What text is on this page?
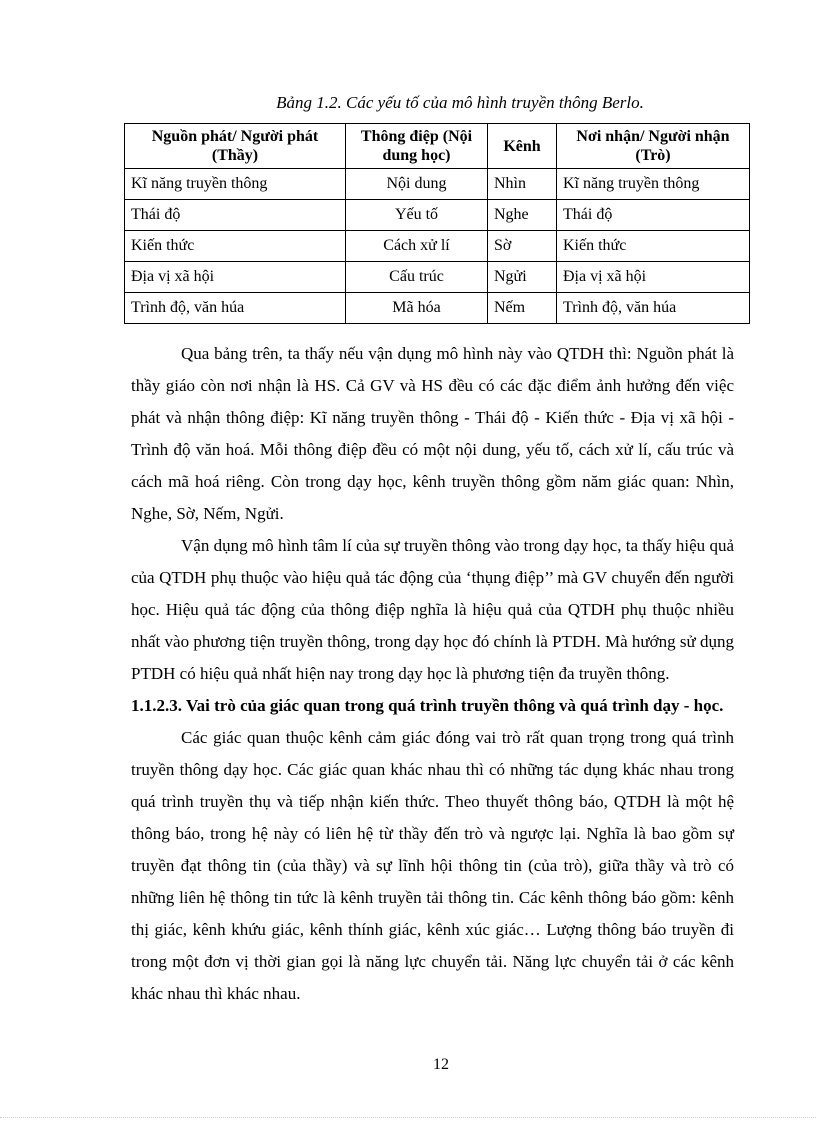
Bảng 1.2. Các yếu tố của mô hình truyền thông Berlo.
Nguồn phát/ Người phát (Thầy)	Thông điệp (Nội dung học)	Kênh	Nơi nhận/ Người nhận (Trò)
Kĩ năng truyền thông	Nội dung	Nhìn	Kĩ năng truyền thông
Thái độ	Yếu tố	Nghe	Thái độ
Kiến thức	Cách xử lí	Sờ	Kiến thức
Địa vị xã hội	Cấu trúc	Ngửi	Địa vị xã hội
Trình độ, văn húa	Mã hóa	Nếm	Trình độ, văn húa

Qua bảng trên, ta thấy nếu vận dụng mô hình này vào QTDH thì: Nguồn phát là thầy giáo còn nơi nhận là HS. Cả GV và HS đều có các đặc điểm ảnh hưởng đến việc phát và nhận thông điệp: Kĩ năng truyền thông - Thái độ - Kiến thức - Địa vị xã hội - Trình độ văn hoá. Mỗi thông điệp đều có một nội dung, yếu tố, cách xử lí, cấu trúc và cách mã hoá riêng. Còn trong dạy học, kênh truyền thông gồm năm giác quan: Nhìn, Nghe, Sờ, Nếm, Ngửi.

Vận dụng mô hình tâm lí của sự truyền thông vào trong dạy học, ta thấy hiệu quả của QTDH phụ thuộc vào hiệu quả tác động của ‘thụng điệp’’ mà GV chuyển đến người học. Hiệu quả tác động của thông điệp nghĩa là hiệu quả của QTDH phụ thuộc nhiều nhất vào phương tiện truyền thông, trong dạy học đó chính là PTDH. Mà hướng sử dụng PTDH có hiệu quả nhất hiện nay trong dạy học là phương tiện đa truyền thông.

1.1.2.3. Vai trò của giác quan trong quá trình truyền thông và quá trình dạy - học.

Các giác quan thuộc kênh cảm giác đóng vai trò rất quan trọng trong quá trình truyền thông dạy học. Các giác quan khác nhau thì có những tác dụng khác nhau trong quá trình truyền thụ và tiếp nhận kiến thức. Theo thuyết thông báo, QTDH là một hệ thông báo, trong hệ này có liên hệ từ thầy đến trò và ngược lại. Nghĩa là bao gồm sự truyền đạt thông tin (của thầy) và sự lĩnh hội thông tin (của trò), giữa thầy và trò có những liên hệ thông tin tức là kênh truyền tải thông tin. Các kênh thông báo gồm: kênh thị giác, kênh khứu giác, kênh thính giác, kênh xúc giác… Lượng thông báo truyền đi trong một đơn vị thời gian gọi là năng lực chuyển tải. Năng lực chuyển tải ở các kênh khác nhau thì khác nhau.

12
